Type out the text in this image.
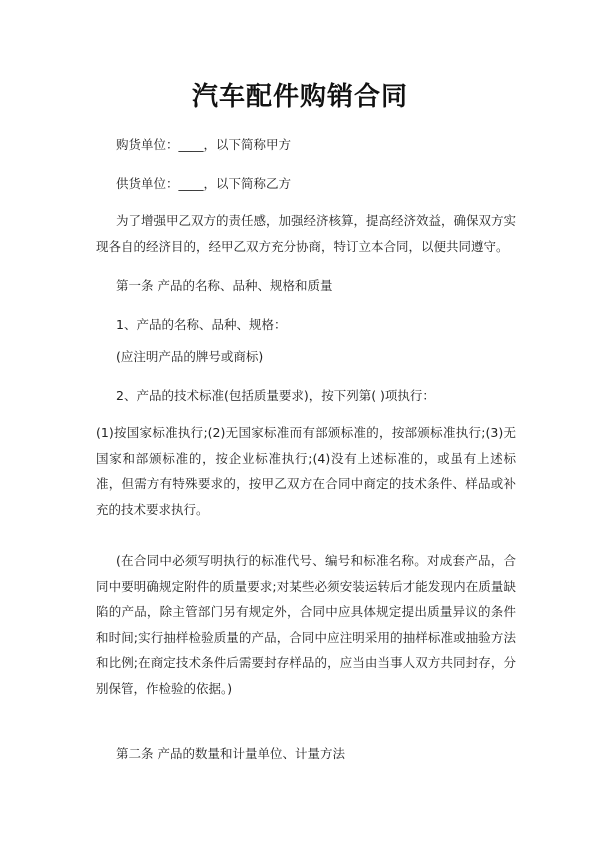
汽车配件购销合同
购货单位：____，以下简称甲方
供货单位：____，以下简称乙方
为了增强甲乙双方的责任感，加强经济核算，提高经济效益，确保双方实现各自的经济目的，经甲乙双方充分协商，特订立本合同，以便共同遵守。
第一条 产品的名称、品种、规格和质量
1、产品的名称、品种、规格：
(应注明产品的牌号或商标)
2、产品的技术标准(包括质量要求)，按下列第( )项执行：
(1)按国家标准执行;(2)无国家标准而有部颁标准的，按部颁标准执行;(3)无国家和部颁标准的，按企业标准执行;(4)没有上述标准的，或虽有上述标准，但需方有特殊要求的，按甲乙双方在合同中商定的技术条件、样品或补充的技术要求执行。
(在合同中必须写明执行的标准代号、编号和标准名称。对成套产品，合同中要明确规定附件的质量要求;对某些必须安装运转后才能发现内在质量缺陷的产品，除主管部门另有规定外，合同中应具体规定提出质量异议的条件和时间;实行抽样检验质量的产品，合同中应注明采用的抽样标准或抽验方法和比例;在商定技术条件后需要封存样品的，应当由当事人双方共同封存，分别保管，作检验的依据。)
第二条 产品的数量和计量单位、计量方法
